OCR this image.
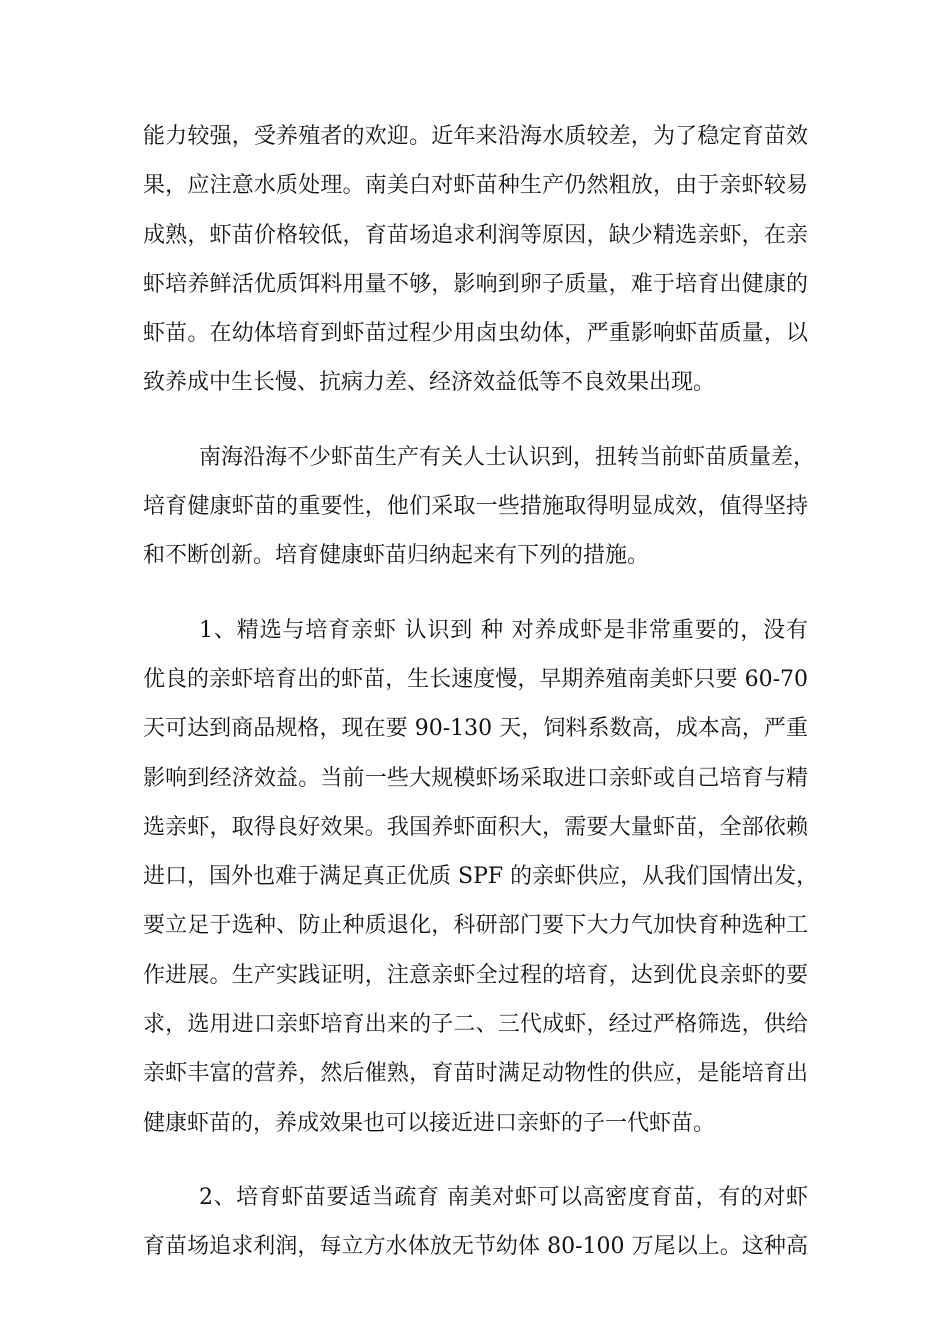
能力较强，受养殖者的欢迎。近年来沿海水质较差，为了稳定育苗效
果，应注意水质处理。南美白对虾苗种生产仍然粗放，由于亲虾较易
成熟，虾苗价格较低，育苗场追求利润等原因，缺少精选亲虾，在亲
虾培养鲜活优质饵料用量不够，影响到卵子质量，难于培育出健康的
虾苗。在幼体培育到虾苗过程少用卤虫幼体，严重影响虾苗质量，以
致养成中生长慢、抗病力差、经济效益低等不良效果出现。
南海沿海不少虾苗生产有关人士认识到，扭转当前虾苗质量差，
培育健康虾苗的重要性，他们采取一些措施取得明显成效，值得坚持
和不断创新。培育健康虾苗归纳起来有下列的措施。
1、精选与培育亲虾 认识到 种 对养成虾是非常重要的，没有
优良的亲虾培育出的虾苗，生长速度慢，早期养殖南美虾只要 60-70
天可达到商品规格，现在要 90-130 天，饲料系数高，成本高，严重
影响到经济效益。当前一些大规模虾场采取进口亲虾或自己培育与精
选亲虾，取得良好效果。我国养虾面积大，需要大量虾苗，全部依赖
进口，国外也难于满足真正优质 SPF 的亲虾供应，从我们国情出发，
要立足于选种、防止种质退化，科研部门要下大力气加快育种选种工
作进展。生产实践证明，注意亲虾全过程的培育，达到优良亲虾的要
求，选用进口亲虾培育出来的子二、三代成虾，经过严格筛选，供给
亲虾丰富的营养，然后催熟，育苗时满足动物性的供应，是能培育出
健康虾苗的，养成效果也可以接近进口亲虾的子一代虾苗。
2、培育虾苗要适当疏育 南美对虾可以高密度育苗，有的对虾
育苗场追求利润，每立方水体放无节幼体 80-100 万尾以上。这种高
